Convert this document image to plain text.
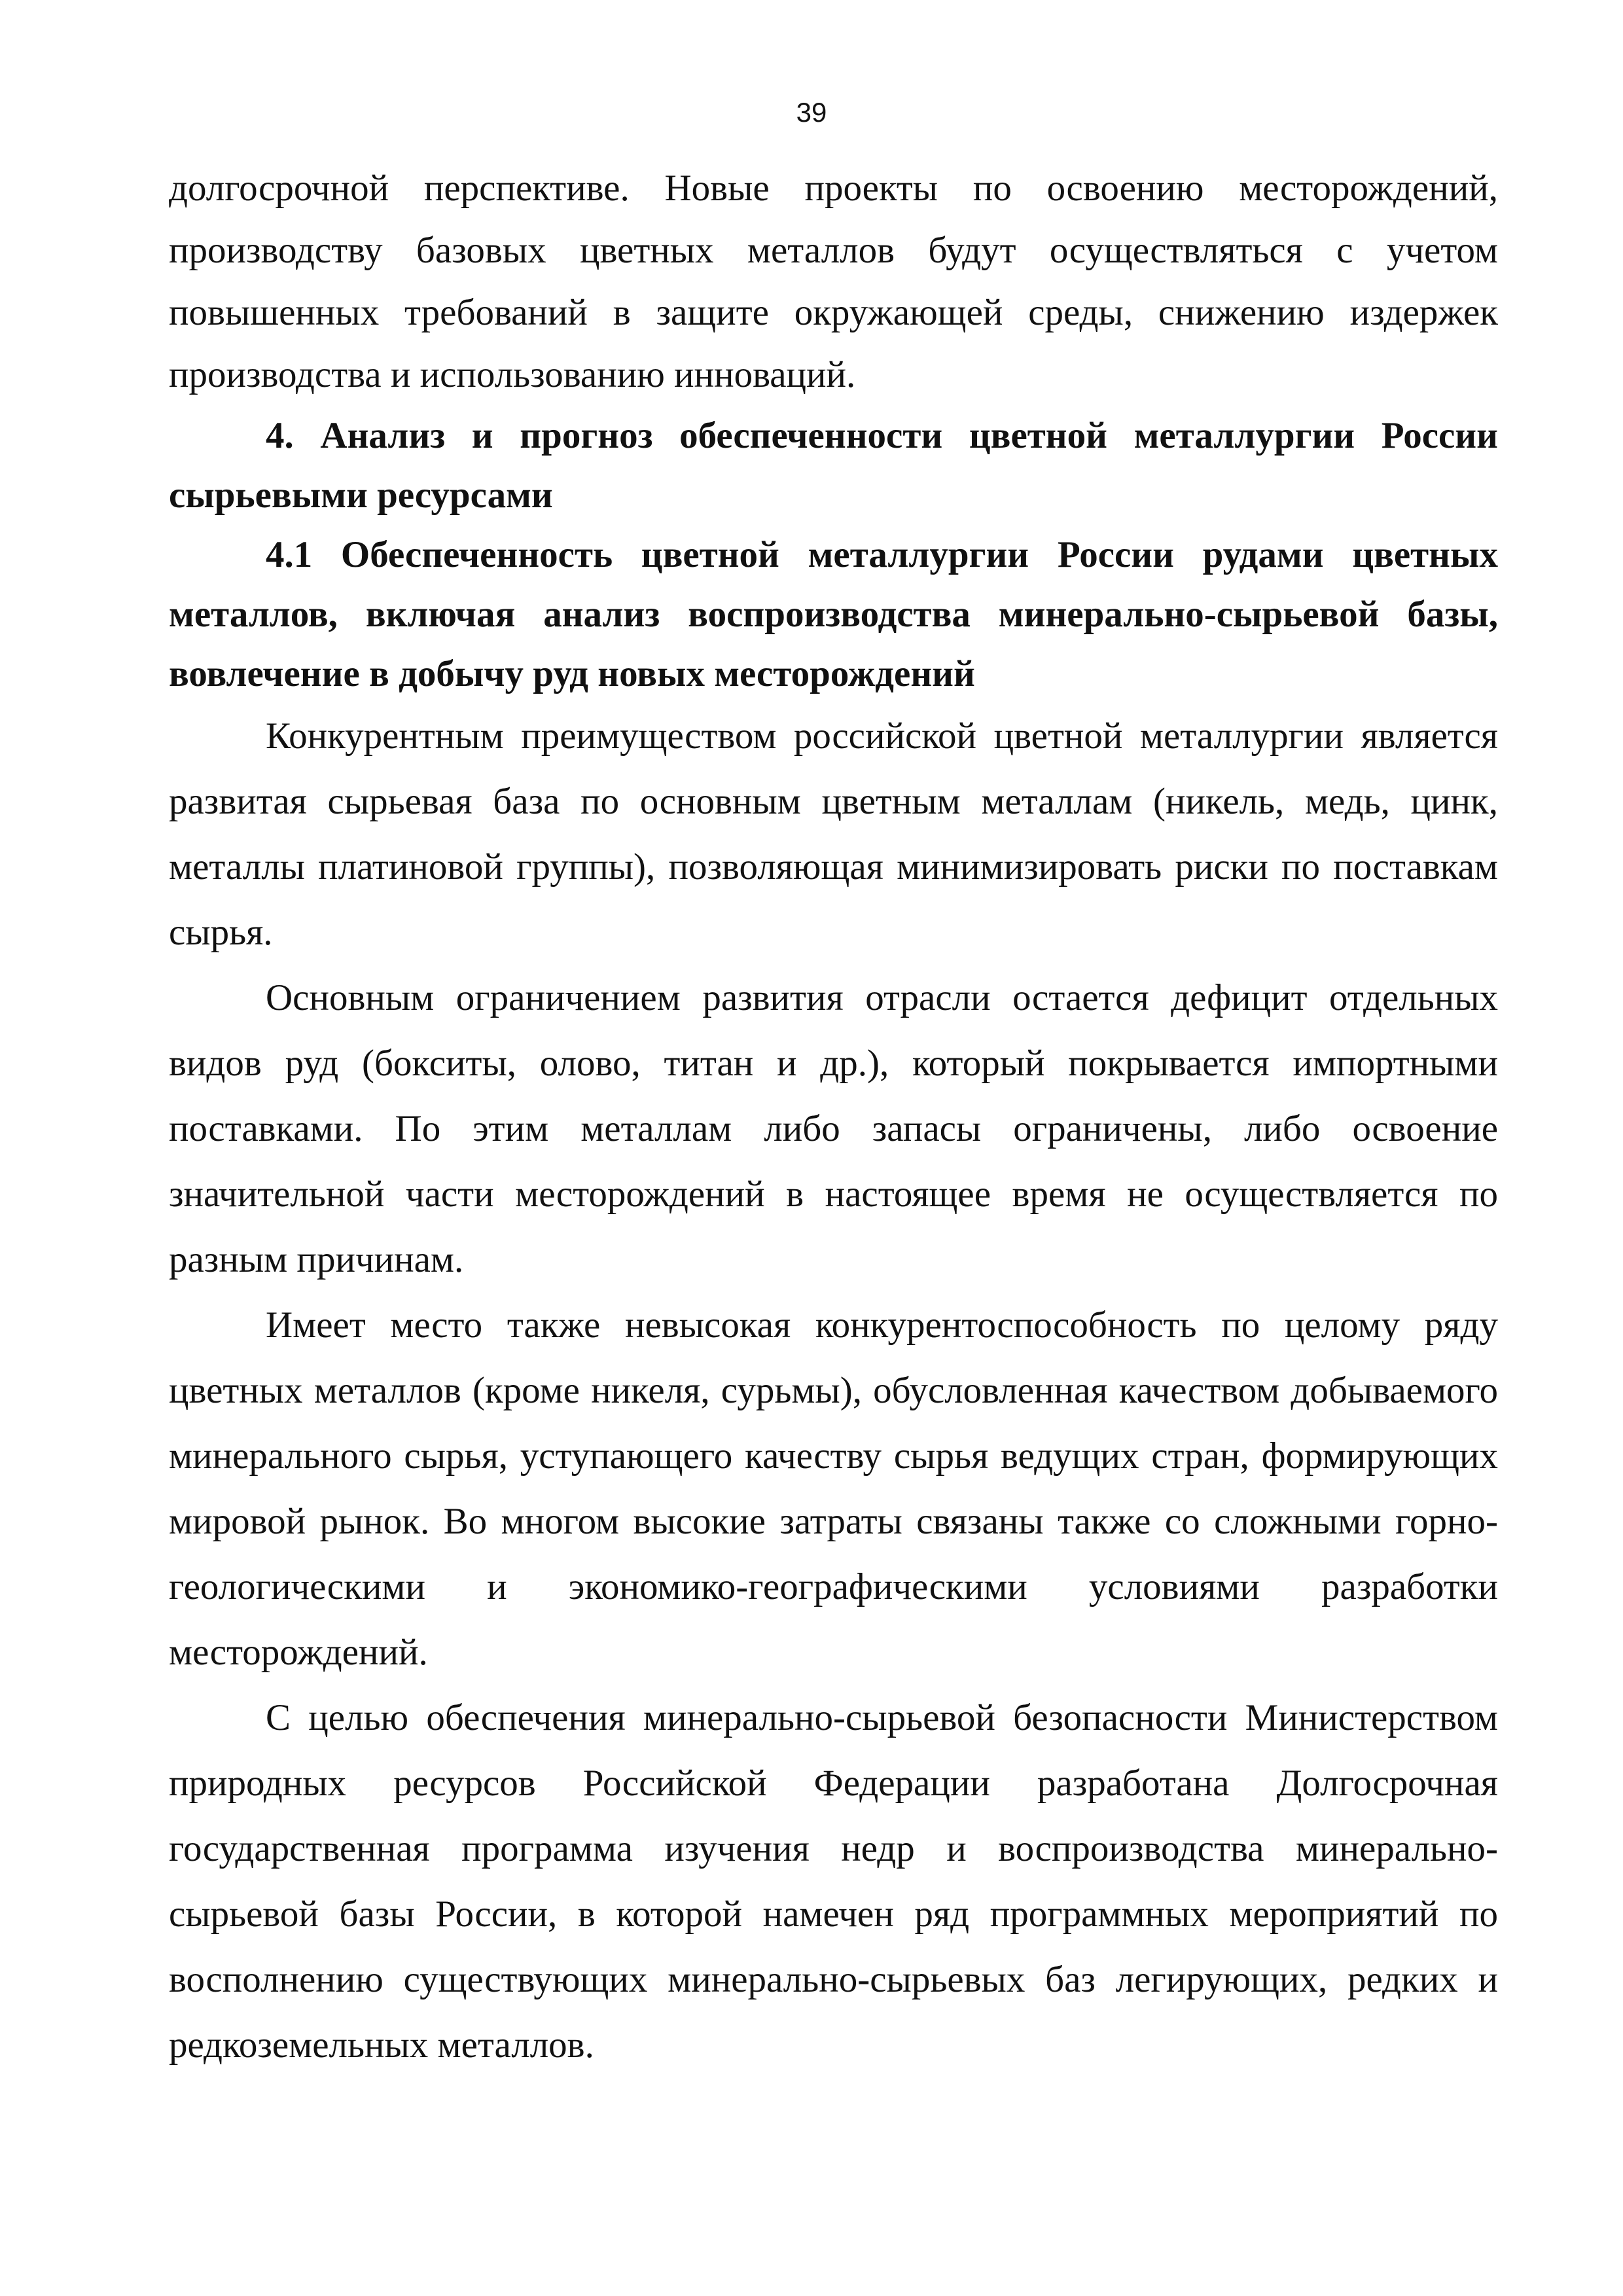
39

долгосрочной перспективе. Новые проекты по освоению месторождений, производству базовых цветных металлов будут осуществляться с учетом повышенных требований в защите окружающей среды, снижению издержек производства и использованию инноваций.

4. Анализ и прогноз обеспеченности цветной металлургии России сырьевыми ресурсами
4.1 Обеспеченность цветной металлургии России рудами цветных металлов, включая анализ воспроизводства минерально-сырьевой базы, вовлечение в добычу руд новых месторождений

Конкурентным преимуществом российской цветной металлургии является развитая сырьевая база по основным цветным металлам (никель, медь, цинк, металлы платиновой группы), позволяющая минимизировать риски по поставкам сырья.

Основным ограничением развития отрасли остается дефицит отдельных видов руд (бокситы, олово, титан и др.), который покрывается импортными поставками. По этим металлам либо запасы ограничены, либо освоение значительной части месторождений в настоящее время не осуществляется по разным причинам.

Имеет место также невысокая конкурентоспособность по целому ряду цветных металлов (кроме никеля, сурьмы), обусловленная качеством добываемого минерального сырья, уступающего качеству сырья ведущих стран, формирующих мировой рынок. Во многом высокие затраты связаны также со сложными горно-геологическими и экономико-географическими условиями разработки месторождений.

С целью обеспечения минерально-сырьевой безопасности Министерством природных ресурсов Российской Федерации разработана Долгосрочная государственная программа изучения недр и воспроизводства минерально-сырьевой базы России, в которой намечен ряд программных мероприятий по восполнению существующих минерально-сырьевых баз легирующих, редких и редкоземельных металлов.
